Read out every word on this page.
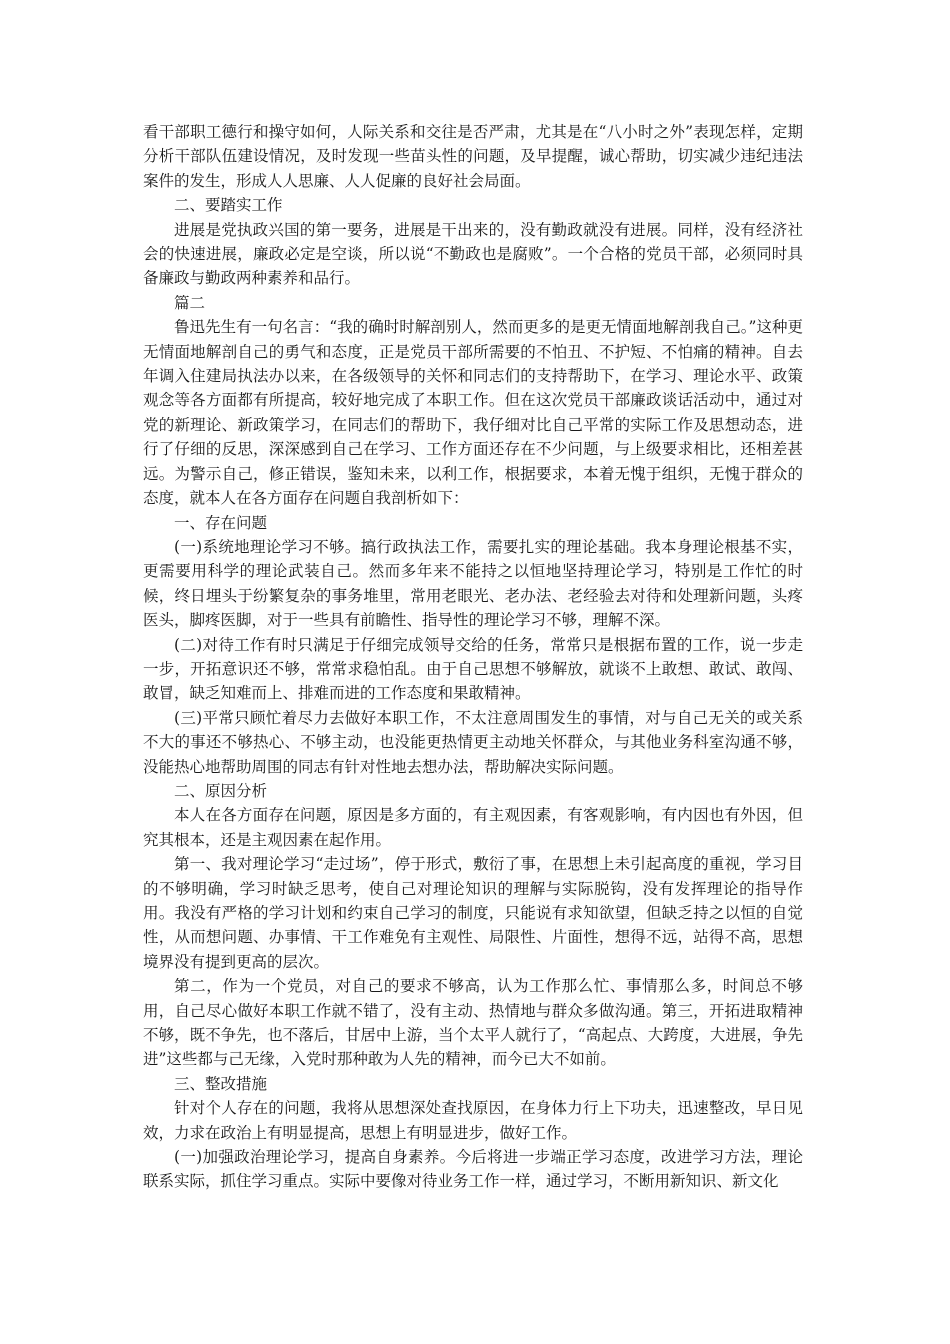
看干部职工德行和操守如何，人际关系和交往是否严肃，尤其是在“八小时之外”表现怎样，定期分析干部队伍建设情况，及时发现一些苗头性的问题，及早提醒，诚心帮助，切实减少违纪违法案件的发生，形成人人思廉、人人促廉的良好社会局面。

二、要踏实工作

进展是党执政兴国的第一要务，进展是干出来的，没有勤政就没有进展。同样，没有经济社会的快速进展，廉政必定是空谈，所以说“不勤政也是腐败”。一个合格的党员干部，必须同时具备廉政与勤政两种素养和品行。

篇二

鲁迅先生有一句名言：“我的确时时解剖别人，然而更多的是更无情面地解剖我自己。”这种更无情面地解剖自己的勇气和态度，正是党员干部所需要的不怕丑、不护短、不怕痛的精神。自去年调入住建局执法办以来，在各级领导的关怀和同志们的支持帮助下，在学习、理论水平、政策观念等各方面都有所提高，较好地完成了本职工作。但在这次党员干部廉政谈话活动中，通过对党的新理论、新政策学习，在同志们的帮助下，我仔细对比自己平常的实际工作及思想动态，进行了仔细的反思，深深感到自己在学习、工作方面还存在不少问题，与上级要求相比，还相差甚远。为警示自己，修正错误，鉴知未来，以利工作，根据要求，本着无愧于组织，无愧于群众的态度，就本人在各方面存在问题自我剖析如下：

一、存在问题

(一)系统地理论学习不够。搞行政执法工作，需要扎实的理论基础。我本身理论根基不实，更需要用科学的理论武装自己。然而多年来不能持之以恒地坚持理论学习，特别是工作忙的时候，终日埋头于纷繁复杂的事务堆里，常用老眼光、老办法、老经验去对待和处理新问题，头疼医头，脚疼医脚，对于一些具有前瞻性、指导性的理论学习不够，理解不深。

(二)对待工作有时只满足于仔细完成领导交给的任务，常常只是根据布置的工作，说一步走一步，开拓意识还不够，常常求稳怕乱。由于自己思想不够解放，就谈不上敢想、敢试、敢闯、敢冒，缺乏知难而上、排难而进的工作态度和果敢精神。

(三)平常只顾忙着尽力去做好本职工作，不太注意周围发生的事情，对与自己无关的或关系不大的事还不够热心、不够主动，也没能更热情更主动地关怀群众，与其他业务科室沟通不够，没能热心地帮助周围的同志有针对性地去想办法，帮助解决实际问题。

二、原因分析

本人在各方面存在问题，原因是多方面的，有主观因素，有客观影响，有内因也有外因，但究其根本，还是主观因素在起作用。

第一、我对理论学习“走过场”，停于形式，敷衍了事，在思想上未引起高度的重视，学习目的不够明确，学习时缺乏思考，使自己对理论知识的理解与实际脱钩，没有发挥理论的指导作用。我没有严格的学习计划和约束自己学习的制度，只能说有求知欲望，但缺乏持之以恒的自觉性，从而想问题、办事情、干工作难免有主观性、局限性、片面性，想得不远，站得不高，思想境界没有提到更高的层次。

第二，作为一个党员，对自己的要求不够高，认为工作那么忙、事情那么多，时间总不够用，自己尽心做好本职工作就不错了，没有主动、热情地与群众多做沟通。第三，开拓进取精神不够，既不争先，也不落后，甘居中上游，当个太平人就行了，“高起点、大跨度，大进展，争先进”这些都与己无缘，入党时那种敢为人先的精神，而今已大不如前。

三、整改措施

针对个人存在的问题，我将从思想深处查找原因，在身体力行上下功夫，迅速整改，早日见效，力求在政治上有明显提高，思想上有明显进步，做好工作。

(一)加强政治理论学习，提高自身素养。今后将进一步端正学习态度，改进学习方法，理论联系实际，抓住学习重点。实际中要像对待业务工作一样，通过学习，不断用新知识、新文化
